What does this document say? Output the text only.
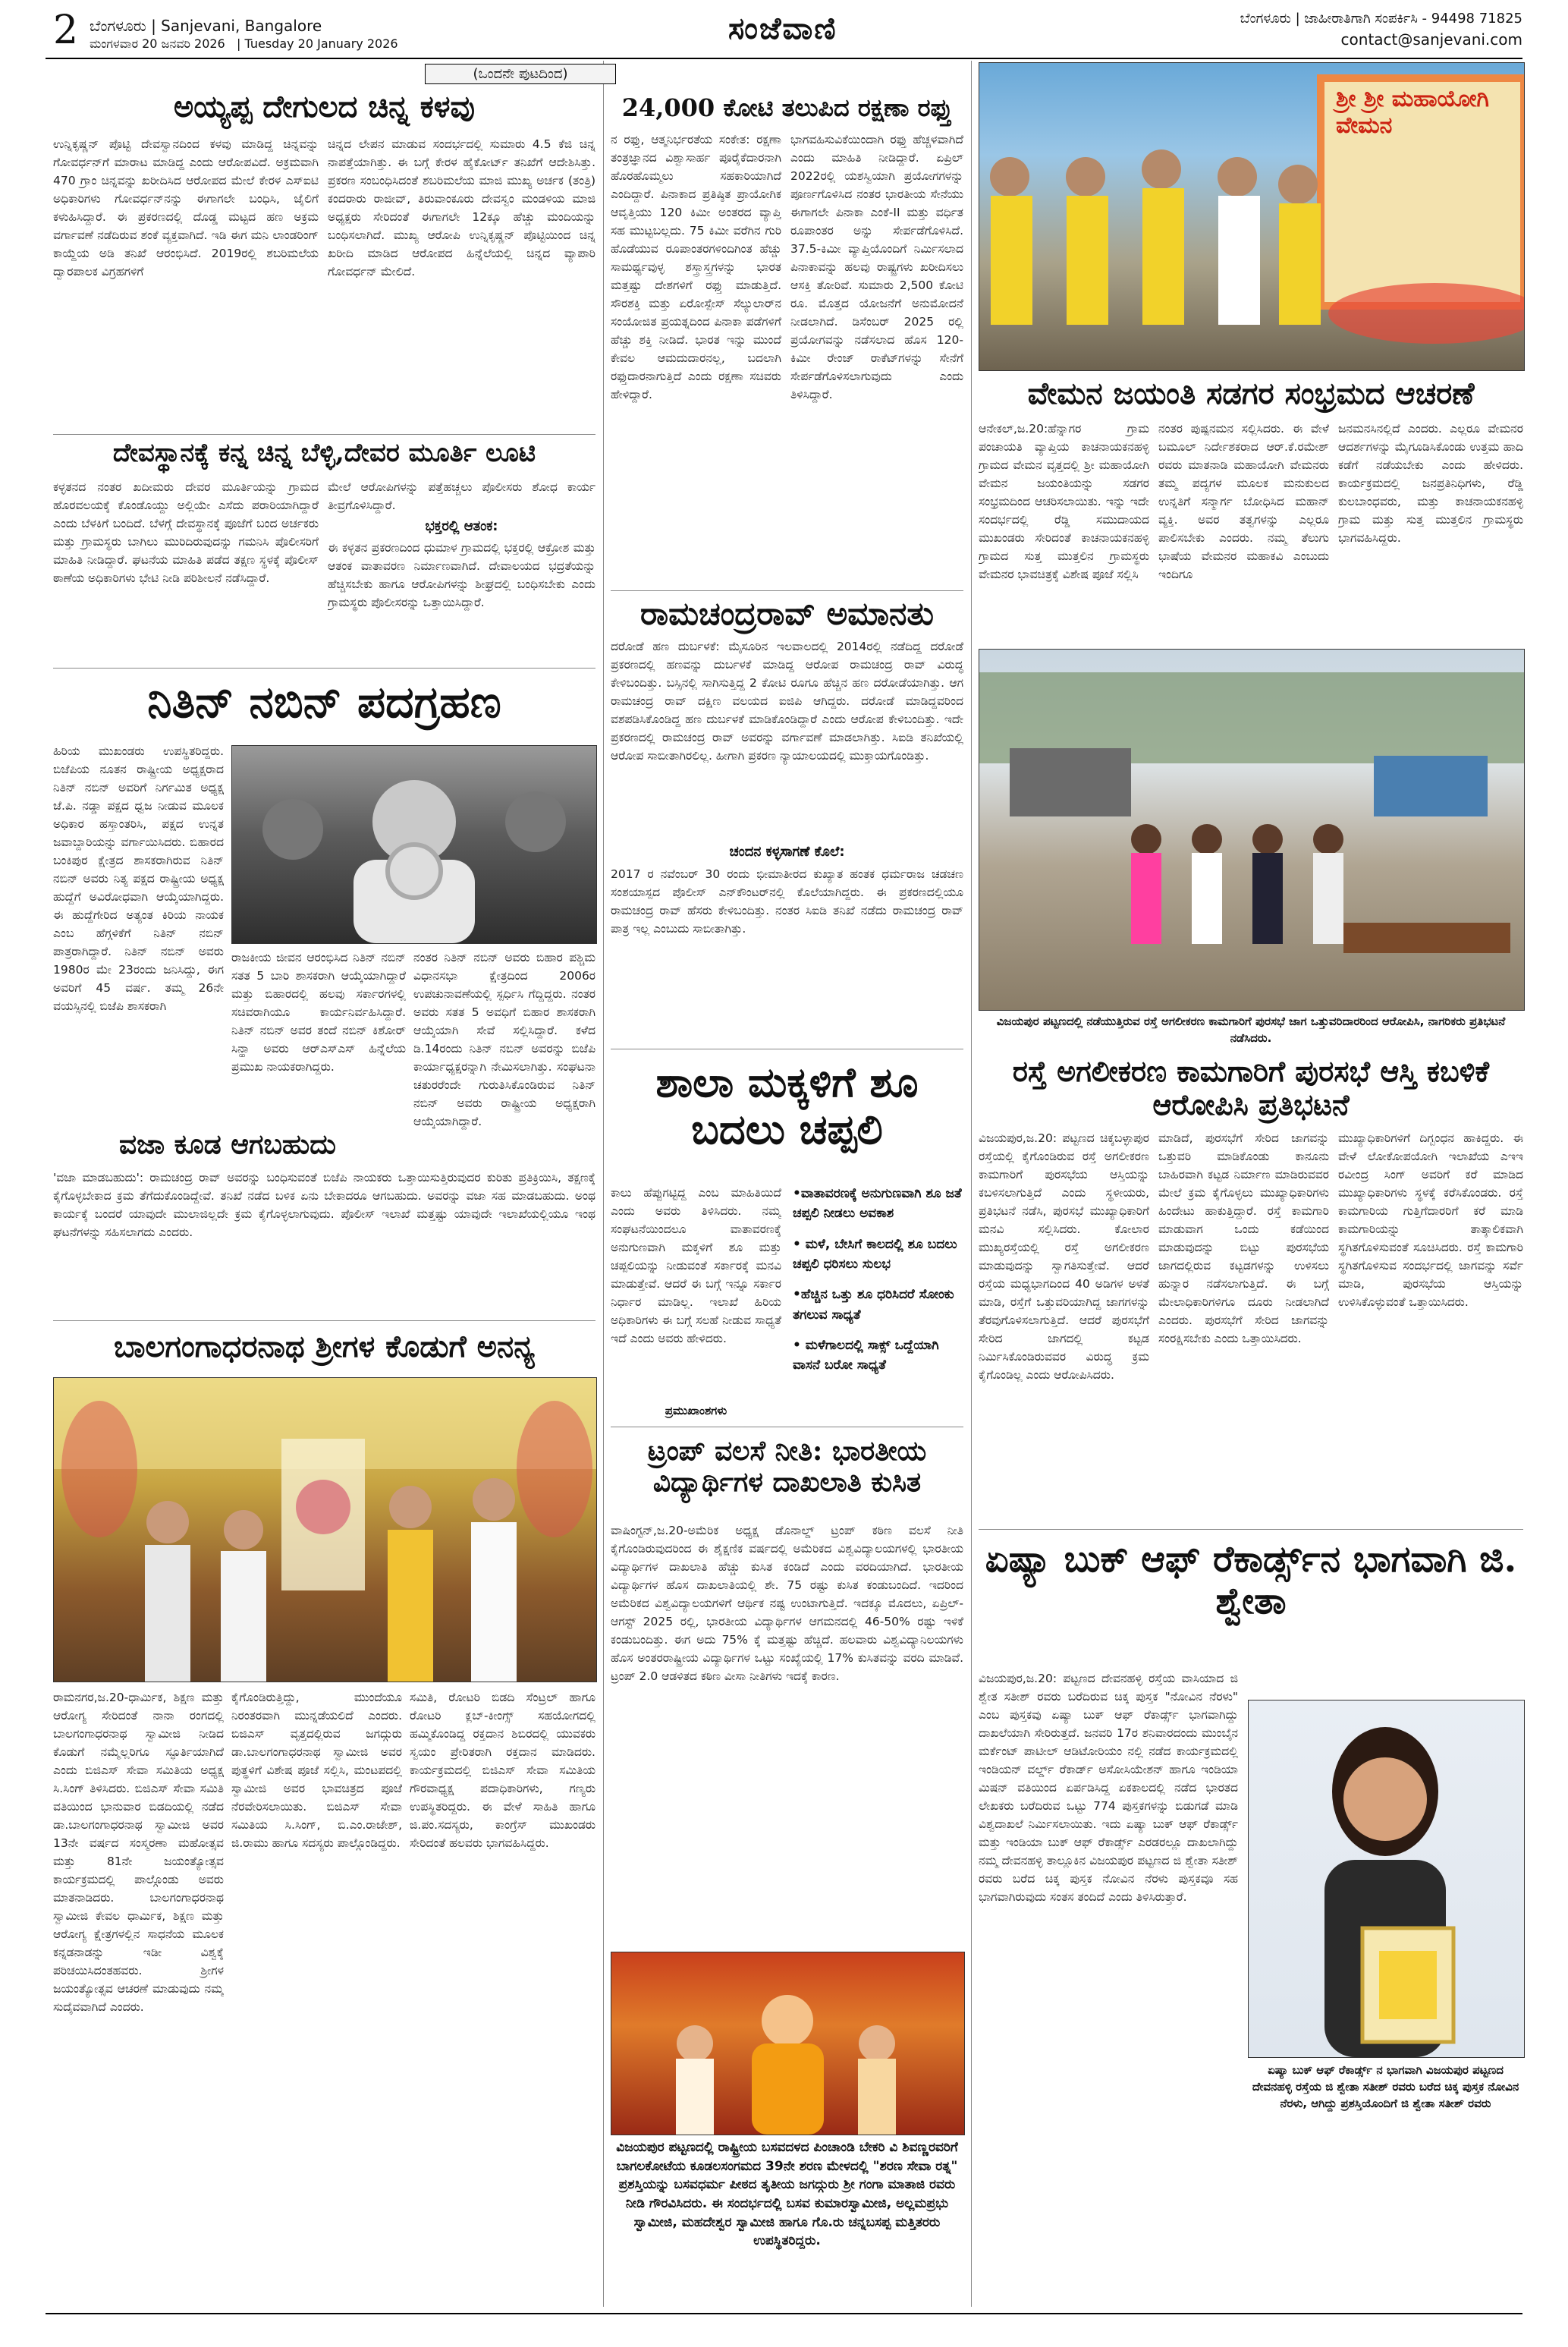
2 ಬೆಂಗಳೂರು | Sanjevani, Bangalore
ಮಂಗಳವಾರ 20 ಜನವರಿ 2026 | Tuesday 20 January 2026	ಸಂಜೆವಾಣಿ	ಬೆಂಗಳೂರು | ಜಾಹೀರಾತಿಗಾಗಿ ಸಂಪರ್ಕಿಸಿ - 94498 71825
contact@sanjevani.com
(ಒಂದನೇ ಪುಟದಿಂದ)
ಅಯ್ಯಪ್ಪ ದೇಗುಲದ ಚಿನ್ನ ಕಳವು
ಉನ್ನಿಕೃಷ್ಣನ್ ಪೊಟ್ಟಿ ದೇವಸ್ವಾನದಿಂದ ಕಳವು ಮಾಡಿದ್ದ ಚಿನ್ನವನ್ನು ಗೋವರ್ಧನ್‌ಗೆ ಮಾರಾಟ ಮಾಡಿದ್ದ ಎಂದು ಆರೋಪವಿದೆ. ಅಕ್ರಮವಾಗಿ 470 ಗ್ರಾಂ ಚಿನ್ನವನ್ನು ಖರೀದಿಸಿದ ಆರೋಪದ ಮೇಲೆ ಕೇರಳ ಎಸ್‌ಐಟಿ ಅಧಿಕಾರಿಗಳು ಗೋವರ್ಧನ್‌ನನ್ನು ಈಗಾಗಲೇ ಬಂಧಿಸಿ, ಜೈಲಿಗೆ ಕಳುಹಿಸಿದ್ದಾರೆ. ಈ ಪ್ರಕರಣದಲ್ಲಿ ದೊಡ್ಡ ಮಟ್ಟದ ಹಣ ಅಕ್ರಮ ವರ್ಗಾವಣೆ ನಡೆದಿರುವ ಶಂಕೆ ವ್ಯಕ್ತವಾಗಿದೆ. ಇಡಿ ಈಗ ಮನಿ ಲಾಂಡರಿಂಗ್ ಕಾಯ್ದೆಯ ಅಡಿ ತನಿಖೆ ಆರಂಭಿಸಿದೆ. 2019ರಲ್ಲಿ ಶಬರಿಮಲೆಯ ದ್ವಾರಪಾಲಕ ವಿಗ್ರಹಗಳಿಗೆ
ಚಿನ್ನದ ಲೇಪನ ಮಾಡುವ ಸಂದರ್ಭದಲ್ಲಿ ಸುಮಾರು 4.5 ಕೆಜಿ ಚಿನ್ನ ನಾಪತ್ತೆಯಾಗಿತ್ತು. ಈ ಬಗ್ಗೆ ಕೇರಳ ಹೈಕೋರ್ಟ್ ತನಿಖೆಗೆ ಆದೇಶಿಸಿತ್ತು. ಪ್ರಕರಣ ಸಂಬಂಧಿಸಿದಂತೆ ಶಬರಿಮಲೆಯ ಮಾಜಿ ಮುಖ್ಯ ಅರ್ಚಕ (ತಂತ್ರಿ) ಕಂದರಾರು ರಾಜೀವ್, ತಿರುವಾಂಕೂರು ದೇವಸ್ವಂ ಮಂಡಳಿಯ ಮಾಜಿ ಅಧ್ಯಕ್ಷರು ಸೇರಿದಂತೆ ಈಗಾಗಲೇ 12ಕ್ಕೂ ಹೆಚ್ಚು ಮಂದಿಯನ್ನು ಬಂಧಿಸಲಾಗಿದೆ. ಮುಖ್ಯ ಆರೋಪಿ ಉನ್ನಿಕೃಷ್ಣನ್ ಪೊಟ್ಟಿಯಿಂದ ಚಿನ್ನ ಖರೀದಿ ಮಾಡಿದ ಆರೋಪದ ಹಿನ್ನೆಲೆಯಲ್ಲಿ ಚಿನ್ನದ ವ್ಯಾಪಾರಿ ಗೋವರ್ಧನ್ ಮೇಲಿದೆ.
ದೇವಸ್ಥಾನಕ್ಕೆ ಕನ್ನ ಚಿನ್ನ ಬೆಳ್ಳಿ,ದೇವರ ಮೂರ್ತಿ ಲೂಟಿ
ಕಳ್ಳತನದ ನಂತರ ಖದೀಮರು ದೇವರ ಮೂರ್ತಿಯನ್ನು ಗ್ರಾಮದ ಹೊರವಲಯಕ್ಕೆ ಕೊಂಡೊಯ್ದು ಅಲ್ಲಿಯೇ ಎಸೆದು ಪರಾರಿಯಾಗಿದ್ದಾರೆ ಎಂದು ಬೆಳಕಿಗೆ ಬಂದಿದೆ. ಬೆಳಗ್ಗೆ ದೇವಸ್ಥಾನಕ್ಕೆ ಪೂಜೆಗೆ ಬಂದ ಅರ್ಚಕರು ಮತ್ತು ಗ್ರಾಮಸ್ಥರು ಬಾಗಿಲು ಮುರಿದಿರುವುದನ್ನು ಗಮನಿಸಿ ಪೊಲೀಸರಿಗೆ ಮಾಹಿತಿ ನೀಡಿದ್ದಾರೆ. ಘಟನೆಯ ಮಾಹಿತಿ ಪಡೆದ ತಕ್ಷಣ ಸ್ಥಳಕ್ಕೆ ಪೊಲೀಸ್ ಠಾಣೆಯ ಅಧಿಕಾರಿಗಳು ಭೇಟಿ ನೀಡಿ ಪರಿಶೀಲನೆ ನಡೆಸಿದ್ದಾರೆ.
ಮೇಲೆ ಆರೋಪಿಗಳನ್ನು ಪತ್ತೆಹಚ್ಚಲು ಪೊಲೀಸರು ಶೋಧ ಕಾರ್ಯ ತೀವ್ರಗೊಳಿಸಿದ್ದಾರೆ.
ಭಕ್ತರಲ್ಲಿ ಆತಂಕ:
ಈ ಕಳ್ಳತನ ಪ್ರಕರಣದಿಂದ ಧುಮಾಳ ಗ್ರಾಮದಲ್ಲಿ ಭಕ್ತರಲ್ಲಿ ಆಕ್ರೋಶ ಮತ್ತು ಆತಂಕ ವಾತಾವರಣ ನಿರ್ಮಾಣವಾಗಿದೆ. ದೇವಾಲಯದ ಭದ್ರತೆಯನ್ನು ಹೆಚ್ಚಿಸಬೇಕು ಹಾಗೂ ಆರೋಪಿಗಳನ್ನು ಶೀಘ್ರದಲ್ಲಿ ಬಂಧಿಸಬೇಕು ಎಂದು ಗ್ರಾಮಸ್ಥರು ಪೊಲೀಸರನ್ನು ಒತ್ತಾಯಿಸಿದ್ದಾರೆ.
ನಿತಿನ್ ನಬಿನ್ ಪದಗ್ರಹಣ
ಹಿರಿಯ ಮುಖಂಡರು ಉಪಸ್ಥಿತರಿದ್ದರು. ಬಿಜೆಪಿಯ ನೂತನ ರಾಷ್ಟ್ರೀಯ ಅಧ್ಯಕ್ಷರಾದ ನಿತಿನ್ ನಬಿನ್ ಅವರಿಗೆ ನಿರ್ಗಮಿತ ಅಧ್ಯಕ್ಷ ಜೆ.ಪಿ. ನಡ್ಡಾ ಪಕ್ಷದ ಧ್ವಜ ನೀಡುವ ಮೂಲಕ ಅಧಿಕಾರ ಹಸ್ತಾಂತರಿಸಿ, ಪಕ್ಷದ ಉನ್ನತ ಜವಾಬ್ದಾರಿಯನ್ನು ವರ್ಗಾಯಿಸಿದರು. ಬಿಹಾರದ ಬಂಕಿಪುರ ಕ್ಷೇತ್ರದ ಶಾಸಕರಾಗಿರುವ ನಿತಿನ್ ನಬಿನ್ ಅವರು ನಿತ್ಯ ಪಕ್ಷದ ರಾಷ್ಟ್ರೀಯ ಅಧ್ಯಕ್ಷ ಹುದ್ದೆಗೆ ಅವಿರೋಧವಾಗಿ ಆಯ್ಕೆಯಾಗಿದ್ದರು. ಈ ಹುದ್ದೆಗೇರಿದ ಅತ್ಯಂತ ಕಿರಿಯ ನಾಯಕ ಎಂಬ ಹೆಗ್ಗಳಿಕೆಗೆ ನಿತಿನ್ ನಬಿನ್ ಪಾತ್ರರಾಗಿದ್ದಾರೆ. ನಿತಿನ್ ನಬಿನ್ ಅವರು 1980ರ ಮೇ 23ರಂದು ಜನಿಸಿದ್ದು, ಈಗ ಅವರಿಗೆ 45 ವರ್ಷ. ತಮ್ಮ 26ನೇ ವಯಸ್ಸಿನಲ್ಲಿ ಬಿಜೆಪಿ ಶಾಸಕರಾಗಿ
ರಾಜಕೀಯ ಜೀವನ ಆರಂಭಿಸಿದ ನಿತಿನ್ ನಬಿನ್ ಸತತ 5 ಬಾರಿ ಶಾಸಕರಾಗಿ ಆಯ್ಕೆಯಾಗಿದ್ದಾರೆ ಮತ್ತು ಬಿಹಾರದಲ್ಲಿ ಹಲವು ಸರ್ಕಾರಗಳಲ್ಲಿ ಸಚಿವರಾಗಿಯೂ ಕಾರ್ಯನಿರ್ವಹಿಸಿದ್ದಾರೆ. ನಿತಿನ್ ನಬಿನ್ ಅವರ ತಂದೆ ನಬಿನ್ ಕಿಶೋರ್ ಸಿನ್ಹಾ ಅವರು ಆರ್‌ಎಸ್‌ಎಸ್ ಹಿನ್ನೆಲೆಯ ಪ್ರಮುಖ ನಾಯಕರಾಗಿದ್ದರು.
ನಂತರ ನಿತಿನ್ ನಬಿನ್ ಅವರು ಬಿಹಾರ ಪಶ್ಚಿಮ ವಿಧಾನಸಭಾ ಕ್ಷೇತ್ರದಿಂದ 2006ರ ಉಪಚುನಾವಣೆಯಲ್ಲಿ ಸ್ಪರ್ಧಿಸಿ ಗೆದ್ದಿದ್ದರು. ನಂತರ ಅವರು ಸತತ 5 ಅವಧಿಗೆ ಬಿಹಾರ ಶಾಸಕರಾಗಿ ಆಯ್ಕೆಯಾಗಿ ಸೇವೆ ಸಲ್ಲಿಸಿದ್ದಾರೆ. ಕಳೆದ ಡಿ.14ರಂದು ನಿತಿನ್ ನಬಿನ್ ಅವರನ್ನು ಬಿಜೆಪಿ ಕಾರ್ಯಾಧ್ಯಕ್ಷರನ್ನಾಗಿ ನೇಮಿಸಲಾಗಿತ್ತು. ಸಂಘಟನಾ ಚತುರರೆಂದೇ ಗುರುತಿಸಿಕೊಂಡಿರುವ ನಿತಿನ್ ನಬಿನ್ ಅವರು ರಾಷ್ಟ್ರೀಯ ಅಧ್ಯಕ್ಷರಾಗಿ ಆಯ್ಕೆಯಾಗಿದ್ದಾರೆ.
ವಜಾ ಕೂಡ ಆಗಬಹುದು
'ವಜಾ ಮಾಡಬಹುದು': ರಾಮಚಂದ್ರ ರಾವ್ ಅವರನ್ನು ಬಂಧಿಸುವಂತೆ ಬಿಜೆಪಿ ನಾಯಕರು ಒತ್ತಾಯಿಸುತ್ತಿರುವುದರ ಕುರಿತು ಪ್ರತಿಕ್ರಿಯಿಸಿ, ತಕ್ಷಣಕ್ಕೆ ಕೈಗೊಳ್ಳಬೇಕಾದ ಕ್ರಮ ತೆಗೆದುಕೊಂಡಿದ್ದೇವೆ. ತನಿಖೆ ನಡೆದ ಬಳಿಕ ಏನು ಬೇಕಾದರೂ ಆಗಬಹುದು. ಅವರನ್ನು ವಜಾ ಸಹ ಮಾಡಬಹುದು. ಅಂಥ ಕಾರ್ಯಕ್ಕೆ ಬಂದರೆ ಯಾವುದೇ ಮುಲಾಜಿಲ್ಲದೇ ಕ್ರಮ ಕೈಗೊಳ್ಳಲಾಗುವುದು. ಪೊಲೀಸ್ ಇಲಾಖೆ ಮತ್ತಷ್ಟು ಯಾವುದೇ ಇಲಾಖೆಯಲ್ಲಿಯೂ ಇಂಥ ಘಟನೆಗಳನ್ನು ಸಹಿಸಲಾಗದು ಎಂದರು.
ಬಾಲಗಂಗಾಧರನಾಥ ಶ್ರೀಗಳ ಕೊಡುಗೆ ಅನನ್ಯ
ರಾಮನಗರ,ಜ.20-ಧಾರ್ಮಿಕ, ಶಿಕ್ಷಣ ಮತ್ತು ಆರೋಗ್ಯ ಸೇರಿದಂತೆ ನಾನಾ ರಂಗದಲ್ಲಿ ಬಾಲಗಂಗಾಧರನಾಥ ಸ್ವಾಮೀಜಿ ನೀಡಿದ ಕೊಡುಗೆ ನಮ್ಮೆಲ್ಲರಿಗೂ ಸ್ಫೂರ್ತಿಯಾಗಿದೆ ಎಂದು ಬಿಜಿಎಸ್ ಸೇವಾ ಸಮಿತಿಯ ಅಧ್ಯಕ್ಷ ಸಿ.ಸಿಂಗ್ ತಿಳಿಸಿದರು. ಬಿಜಿಎಸ್ ಸೇವಾ ಸಮಿತಿ ವತಿಯಿಂದ ಭಾನುವಾರ ಬಿಡದಿಯಲ್ಲಿ ನಡೆದ ಡಾ.ಬಾಲಗಂಗಾಧರನಾಥ ಸ್ವಾಮೀಜಿ ಅವರ 13ನೇ ವರ್ಷದ ಸಂಸ್ಮರಣಾ ಮಹೋತ್ಸವ ಮತ್ತು 81ನೇ ಜಯಂತ್ಯೋತ್ಸವ ಕಾರ್ಯಕ್ರಮದಲ್ಲಿ ಪಾಲ್ಗೊಂಡು ಅವರು ಮಾತನಾಡಿದರು. ಬಾಲಗಂಗಾಧರನಾಥ ಸ್ವಾಮೀಜಿ ಕೇವಲ ಧಾರ್ಮಿಕ, ಶಿಕ್ಷಣ ಮತ್ತು ಆರೋಗ್ಯ ಕ್ಷೇತ್ರಗಳಲ್ಲಿನ ಸಾಧನೆಯ ಮೂಲಕ ಕನ್ನಡನಾಡನ್ನು ಇಡೀ ವಿಶ್ವಕ್ಕೆ ಪರಿಚಯಿಸಿದಂತಹವರು. ಶ್ರೀಗಳ ಜಯಂತ್ಯೋತ್ಸವ ಆಚರಣೆ ಮಾಡುವುದು ನಮ್ಮ ಸುದೈವವಾಗಿದೆ ಎಂದರು.
ಕೈಗೊಂಡಿರುತ್ತಿದ್ದು, ಮುಂದೆಯೂ ನಿರಂತರವಾಗಿ ಮುನ್ನಡೆಯಲಿದೆ ಎಂದರು. ಬಿಜಿಎಸ್ ವೃತ್ತದಲ್ಲಿರುವ ಜಗದ್ಗುರು ಡಾ.ಬಾಲಗಂಗಾಧರನಾಥ ಸ್ವಾಮೀಜಿ ಅವರ ಪುತ್ಥಳಿಗೆ ವಿಶೇಷ ಪೂಜೆ ಸಲ್ಲಿಸಿ, ಮಂಟಪದಲ್ಲಿ ಸ್ವಾಮೀಜಿ ಅವರ ಭಾವಚಿತ್ರದ ಪೂಜೆ ನೆರವೇರಿಸಲಾಯಿತು. ಬಿಜಿಎಸ್ ಸೇವಾ ಸಮಿತಿಯ ಸಿ.ಸಿಂಗ್, ಬಿ.ಎಂ.ರಾಜೇಶ್, ಜಿ.ರಾಮು ಹಾಗೂ ಸದಸ್ಯರು ಪಾಲ್ಗೊಂಡಿದ್ದರು.
ಸಮಿತಿ, ರೋಟರಿ ಬಿಡದಿ ಸೆಂಟ್ರಲ್ ಹಾಗೂ ರೋಟರಿ ಕ್ಲಬ್-ಕೀಂಗ್ಸ್ ಸಹಯೋಗದಲ್ಲಿ ಹಮ್ಮಿಕೊಂಡಿದ್ದ ರಕ್ತದಾನ ಶಿಬಿರದಲ್ಲಿ ಯುವಕರು ಸ್ವಯಂ ಪ್ರೇರಿತರಾಗಿ ರಕ್ತದಾನ ಮಾಡಿದರು. ಕಾರ್ಯಕ್ರಮದಲ್ಲಿ ಬಿಜಿಎಸ್ ಸೇವಾ ಸಮಿತಿಯ ಗೌರವಾಧ್ಯಕ್ಷ ಪದಾಧಿಕಾರಿಗಳು, ಗಣ್ಯರು ಉಪಸ್ಥಿತರಿದ್ದರು. ಈ ವೇಳೆ ಸಾಹಿತಿ ಹಾಗೂ ಜಿ.ಪಂ.ಸದಸ್ಯರು, ಕಾಂಗ್ರೆಸ್ ಮುಖಂಡರು ಸೇರಿದಂತೆ ಹಲವರು ಭಾಗವಹಿಸಿದ್ದರು.
24,000 ಕೋಟಿ ತಲುಪಿದ ರಕ್ಷಣಾ ರಫ್ತು
ನ ರಫ್ತು, ಆತ್ಮನಿರ್ಭರತೆಯ ಸಂಕೇತ: ರಕ್ಷಣಾ ತಂತ್ರಜ್ಞಾನದ ವಿಶ್ವಾಸಾರ್ಹ ಪೂರೈಕೆದಾರನಾಗಿ ಹೊರಹೊಮ್ಮಲು ಸಹಕಾರಿಯಾಗಿದೆ ಎಂದಿದ್ದಾರೆ. ಪಿನಾಕಾದ ಪ್ರತಿಷ್ಠಿತ ಪ್ರಾಯೋಗಿಕ ಆವೃತ್ತಿಯು 120 ಕಿಮೀ ಅಂತರದ ವ್ಯಾಪ್ತಿ ಸಹ ಮುಟ್ಟಬಲ್ಲದು. 75 ಕಿಮೀ ವರೆಗಿನ ಗುರಿ ಹೊಡೆಯುವ ರೂಪಾಂತರಗಳಿಂದಿಗಿಂತ ಹೆಚ್ಚು ಸಾಮರ್ಥ್ಯವುಳ್ಳ ಶಸ್ತ್ರಾಸ್ತ್ರಗಳನ್ನು ಭಾರತ ಮತ್ತಷ್ಟು ದೇಶಗಳಿಗೆ ರಫ್ತು ಮಾಡುತ್ತಿದೆ. ಸೌರಶಕ್ತಿ ಮತ್ತು ಏರೋಸ್ಪೇಸ್ ಸೆಲ್ಯುಲಾರ್‌ನ ಸಂಯೋಜಿತ ಪ್ರಯತ್ನದಿಂದ ಪಿನಾಕಾ ಪಡೆಗಳಿಗೆ ಹೆಚ್ಚು ಶಕ್ತಿ ನೀಡಿದೆ. ಭಾರತ ಇನ್ನು ಮುಂದೆ ಕೇವಲ ಆಮದುದಾರನಲ್ಲ, ಬದಲಾಗಿ ರಫ್ತುದಾರನಾಗುತ್ತಿದೆ ಎಂದು ರಕ್ಷಣಾ ಸಚಿವರು ಹೇಳಿದ್ದಾರೆ.
ಭಾಗವಹಿಸುವಿಕೆಯಿಂದಾಗಿ ರಫ್ತು ಹೆಚ್ಚಳವಾಗಿದೆ ಎಂದು ಮಾಹಿತಿ ನೀಡಿದ್ದಾರೆ. ಏಪ್ರಿಲ್ 2022ರಲ್ಲಿ ಯಶಸ್ವಿಯಾಗಿ ಪ್ರಯೋಗಗಳನ್ನು ಪೂರ್ಣಗೊಳಿಸಿದ ನಂತರ ಭಾರತೀಯ ಸೇನೆಯು ಈಗಾಗಲೇ ಪಿನಾಕಾ ಎಂಕೆ-II ಮತ್ತು ವರ್ಧಿತ ರೂಪಾಂತರ ಅನ್ನು ಸೇರ್ಪಡೆಗೊಳಿಸಿದೆ. 37.5-ಕಿಮೀ ವ್ಯಾಪ್ತಿಯೊಂದಿಗೆ ನಿರ್ಮಿಸಲಾದ ಪಿನಾಕಾವನ್ನು ಹಲವು ರಾಷ್ಟ್ರಗಳು ಖರೀದಿಸಲು ಆಸಕ್ತಿ ತೋರಿವೆ. ಸುಮಾರು 2,500 ಕೋಟಿ ರೂ. ಮೊತ್ತದ ಯೋಜನೆಗೆ ಅನುಮೋದನೆ ನೀಡಲಾಗಿದೆ. ಡಿಸೆಂಬರ್ 2025 ರಲ್ಲಿ ಪ್ರಯೋಗವನ್ನು ನಡೆಸಲಾದ ಹೊಸ 120-ಕಿಮೀ ರೇಂಜ್ ರಾಕೆಟ್‌ಗಳನ್ನು ಸೇನೆಗೆ ಸೇರ್ಪಡೆಗೊಳಿಸಲಾಗುವುದು ಎಂದು ತಿಳಿಸಿದ್ದಾರೆ.
ರಾಮಚಂದ್ರರಾವ್ ಅಮಾನತು
ದರೋಡೆ ಹಣ ದುರ್ಬಳಕೆ: ಮೈಸೂರಿನ ಇಲವಾಲದಲ್ಲಿ 2014ರಲ್ಲಿ ನಡೆದಿದ್ದ ದರೋಡೆ ಪ್ರಕರಣದಲ್ಲಿ ಹಣವನ್ನು ದುರ್ಬಳಕೆ ಮಾಡಿದ್ದ ಆರೋಪ ರಾಮಚಂದ್ರ ರಾವ್ ವಿರುದ್ಧ ಕೇಳಿಬಂದಿತ್ತು. ಬಸ್ಸಿನಲ್ಲಿ ಸಾಗಿಸುತ್ತಿದ್ದ 2 ಕೋಟಿ ರೂಗೂ ಹೆಚ್ಚಿನ ಹಣ ದರೋಡೆಯಾಗಿತ್ತು. ಆಗ ರಾಮಚಂದ್ರ ರಾವ್ ದಕ್ಷಿಣ ವಲಯದ ಐಜಿಪಿ ಆಗಿದ್ದರು. ದರೋಡೆ ಮಾಡಿದ್ದವರಿಂದ ವಶಪಡಿಸಿಕೊಂಡಿದ್ದ ಹಣ ದುರ್ಬಳಕೆ ಮಾಡಿಕೊಂಡಿದ್ದಾರೆ ಎಂದು ಆರೋಪ ಕೇಳಿಬಂದಿತ್ತು. ಇದೇ ಪ್ರಕರಣದಲ್ಲಿ ರಾಮಚಂದ್ರ ರಾವ್ ಅವರನ್ನು ವರ್ಗಾವಣೆ ಮಾಡಲಾಗಿತ್ತು. ಸಿಐಡಿ ತನಿಖೆಯಲ್ಲಿ ಆರೋಪ ಸಾಬೀತಾಗಿರಲಿಲ್ಲ. ಹೀಗಾಗಿ ಪ್ರಕರಣ ನ್ಯಾಯಾಲಯದಲ್ಲಿ ಮುಕ್ತಾಯಗೊಂಡಿತ್ತು.
ಚಂದನ ಕಳ್ಳಸಾಗಣೆ ಕೊಲೆ:
2017 ರ ನವೆಂಬರ್ 30 ರಂದು ಭೀಮಾತೀರದ ಕುಖ್ಯಾತ ಹಂತಕ ಧರ್ಮರಾಜ ಚಡಚಣ ಸಂಶಯಾಸ್ಪದ ಪೊಲೀಸ್ ಎನ್‌ಕೌಂಟರ್‌ನಲ್ಲಿ ಕೊಲೆಯಾಗಿದ್ದರು. ಈ ಪ್ರಕರಣದಲ್ಲಿಯೂ ರಾಮಚಂದ್ರ ರಾವ್ ಹೆಸರು ಕೇಳಿಬಂದಿತ್ತು. ನಂತರ ಸಿಐಡಿ ತನಿಖೆ ನಡೆದು ರಾಮಚಂದ್ರ ರಾವ್ ಪಾತ್ರ ಇಲ್ಲ ಎಂಬುದು ಸಾಬೀತಾಗಿತ್ತು.
ಶಾಲಾ ಮಕ್ಕಳಿಗೆ ಶೂ ಬದಲು ಚಪ್ಪಲಿ
ಕಾಲು ಹೆಪ್ಪುಗಟ್ಟಿದ್ದ ಎಂಬ ಮಾಹಿತಿಯಿದೆ ಎಂದು ಅವರು ತಿಳಿಸಿದರು. ನಮ್ಮ ಸಂಘಟನೆಯಿಂದಲೂ ವಾತಾವರಣಕ್ಕೆ ಅನುಗುಣವಾಗಿ ಮಕ್ಕಳಿಗೆ ಶೂ ಮತ್ತು ಚಪ್ಪಲಿಯನ್ನು ನೀಡುವಂತೆ ಸರ್ಕಾರಕ್ಕೆ ಮನವಿ ಮಾಡುತ್ತೇವೆ. ಆದರೆ ಈ ಬಗ್ಗೆ ಇನ್ನೂ ಸರ್ಕಾರ ನಿರ್ಧಾರ ಮಾಡಿಲ್ಲ. ಇಲಾಖೆ ಹಿರಿಯ ಅಧಿಕಾರಿಗಳು ಈ ಬಗ್ಗೆ ಸಲಹೆ ನೀಡುವ ಸಾಧ್ಯತೆ ಇದೆ ಎಂದು ಅವರು ಹೇಳಿದರು.
ಪ್ರಮುಖಾಂಶಗಳು
•ವಾತಾವರಣಕ್ಕೆ ಅನುಗುಣವಾಗಿ ಶೂ ಜತೆ ಚಪ್ಪಲಿ ನೀಡಲು ಅವಕಾಶ
• ಮಳೆ, ಬೇಸಿಗೆ ಕಾಲದಲ್ಲಿ ಶೂ ಬದಲು ಚಪ್ಪಲಿ ಧರಿಸಲು ಸುಲಭ
•ಹೆಚ್ಚಿನ ಒತ್ತು ಶೂ ಧರಿಸಿದರೆ ಸೋಂಕು ತಗಲುವ ಸಾಧ್ಯತೆ
• ಮಳೆಗಾಲದಲ್ಲಿ ಸಾಕ್ಸ್ ಒದ್ದೆಯಾಗಿ ವಾಸನೆ ಬರೋ ಸಾಧ್ಯತೆ
ಟ್ರಂಪ್ ವಲಸೆ ನೀತಿ: ಭಾರತೀಯ ವಿದ್ಯಾರ್ಥಿಗಳ ದಾಖಲಾತಿ ಕುಸಿತ
ವಾಷಿಂಗ್ಟನ್,ಜ.20-ಅಮೆರಿಕ ಅಧ್ಯಕ್ಷ ಡೊನಾಲ್ಡ್ ಟ್ರಂಪ್ ಕಠಿಣ ವಲಸೆ ನೀತಿ ಕೈಗೊಂಡಿರುವುದರಿಂದ ಈ ಶೈಕ್ಷಣಿಕ ವರ್ಷದಲ್ಲಿ ಅಮೆರಿಕದ ವಿಶ್ವವಿದ್ಯಾಲಯಗಳಲ್ಲಿ ಭಾರತೀಯ ವಿದ್ಯಾರ್ಥಿಗಳ ದಾಖಲಾತಿ ಹೆಚ್ಚು ಕುಸಿತ ಕಂಡಿದೆ ಎಂದು ವರದಿಯಾಗಿದೆ. ಭಾರತೀಯ ವಿದ್ಯಾರ್ಥಿಗಳ ಹೊಸ ದಾಖಲಾತಿಯಲ್ಲಿ ಶೇ. 75 ರಷ್ಟು ಕುಸಿತ ಕಂಡುಬಂದಿದೆ. ಇದರಿಂದ ಅಮೆರಿಕದ ವಿಶ್ವವಿದ್ಯಾಲಯಗಳಿಗೆ ಆರ್ಥಿಕ ನಷ್ಟ ಉಂಟಾಗುತ್ತಿದೆ. ಇದಕ್ಕೂ ಮೊದಲು, ಏಪ್ರಿಲ್-ಆಗಸ್ಟ್ 2025 ರಲ್ಲಿ, ಭಾರತೀಯ ವಿದ್ಯಾರ್ಥಿಗಳ ಆಗಮನದಲ್ಲಿ 46-50% ರಷ್ಟು ಇಳಿಕೆ ಕಂಡುಬಂದಿತ್ತು. ಈಗ ಅದು 75% ಕ್ಕೆ ಮತ್ತಷ್ಟು ಹೆಚ್ಚಿದೆ. ಹಲವಾರು ವಿಶ್ವವಿದ್ಯಾನಿಲಯಗಳು ಹೊಸ ಅಂತರರಾಷ್ಟ್ರೀಯ ವಿದ್ಯಾರ್ಥಿಗಳ ಒಟ್ಟು ಸಂಖ್ಯೆಯಲ್ಲಿ 17% ಕುಸಿತವನ್ನು ವರದಿ ಮಾಡಿವೆ. ಟ್ರಂಪ್ 2.0 ಆಡಳಿತದ ಕಠಿಣ ವೀಸಾ ನೀತಿಗಳು ಇದಕ್ಕೆ ಕಾರಣ.
ವಿಜಯಪುರ ಪಟ್ಟಣದಲ್ಲಿ ರಾಷ್ಟ್ರೀಯ ಬಸವದಳದ ಪಿಂಚಾಂಡಿ ಬೇಕರಿ ವಿ ಶಿವಣ್ಣರವರಿಗೆ ಬಾಗಲಕೋಟೆಯ ಕೂಡಲಸಂಗಮದ 39ನೇ ಶರಣ ಮೇಳದಲ್ಲಿ "ಶರಣ ಸೇವಾ ರತ್ನ" ಪ್ರಶಸ್ತಿಯನ್ನು ಬಸವಧರ್ಮ ಪೀಠದ ತೃತೀಯ ಜಗದ್ಗುರು ಶ್ರೀ ಗಂಗಾ ಮಾತಾಜಿ ರವರು ನೀಡಿ ಗೌರವಿಸಿದರು. ಈ ಸಂದರ್ಭದಲ್ಲಿ ಬಸವ ಕುಮಾರಸ್ವಾಮೀಜಿ, ಅಲ್ಲಮಪ್ರಭು ಸ್ವಾಮೀಜಿ, ಮಹದೇಶ್ವರ ಸ್ವಾಮೀಜಿ ಹಾಗೂ ಗೊ.ರು ಚನ್ನಬಸಪ್ಪ ಮತ್ತಿತರರು ಉಪಸ್ಥಿತರಿದ್ದರು.
ಶ್ರೀ ಶ್ರೀ ಮಹಾಯೋಗಿ ವೇಮನ
ವೇಮನ ಜಯಂತಿ ಸಡಗರ ಸಂಭ್ರಮದ ಆಚರಣೆ
ಆನೇಕಲ್,ಜ.20:ಹೆನ್ನಾಗರ ಗ್ರಾಮ ಪಂಚಾಯತಿ ವ್ಯಾಪ್ತಿಯ ಕಾಚನಾಯಕನಹಳ್ಳಿ ಗ್ರಾಮದ ವೇಮನ ವೃತ್ತದಲ್ಲಿ ಶ್ರೀ ಮಹಾಯೋಗಿ ವೇಮನ ಜಯಂತಿಯನ್ನು ಸಡಗರ ಸಂಭ್ರಮದಿಂದ ಆಚರಿಸಲಾಯಿತು. ಇನ್ನು ಇದೇ ಸಂದರ್ಭದಲ್ಲಿ ರೆಡ್ಡಿ ಸಮುದಾಯದ ಮುಖಂಡರು ಸೇರಿದಂತೆ ಕಾಚನಾಯಕನಹಳ್ಳಿ ಗ್ರಾಮದ ಸುತ್ತ ಮುತ್ತಲಿನ ಗ್ರಾಮಸ್ಥರು ವೇಮನರ ಭಾವಚಿತ್ರಕ್ಕೆ ವಿಶೇಷ ಪೂಜೆ ಸಲ್ಲಿಸಿ
ನಂತರ ಪುಷ್ಪನಮನ ಸಲ್ಲಿಸಿದರು. ಈ ವೇಳೆ ಬಮೂಲ್ ನಿರ್ದೇಶಕರಾದ ಆರ್.ಕೆ.ರಮೇಶ್ ರವರು ಮಾತನಾಡಿ ಮಹಾಯೋಗಿ ವೇಮನರು ತಮ್ಮ ಪದ್ಯಗಳ ಮೂಲಕ ಮನುಕುಲದ ಉನ್ನತಿಗೆ ಸನ್ಮಾರ್ಗ ಬೋಧಿಸಿದ ಮಹಾನ್ ವ್ಯಕ್ತಿ. ಅವರ ತತ್ವಗಳನ್ನು ಎಲ್ಲರೂ ಪಾಲಿಸಬೇಕು ಎಂದರು. ನಮ್ಮ ತೆಲುಗು ಭಾಷೆಯ ವೇಮನರ ಮಹಾಕವಿ ಎಂಬುದು ಇಂದಿಗೂ
ಜನಮನಸಿನಲ್ಲಿದೆ ಎಂದರು. ಎಲ್ಲರೂ ವೇಮನರ ಆದರ್ಶಗಳನ್ನು ಮೈಗೂಡಿಸಿಕೊಂಡು ಉತ್ತಮ ಹಾದಿ ಕಡೆಗೆ ನಡೆಯಬೇಕು ಎಂದು ಹೇಳಿದರು. ಕಾರ್ಯಕ್ರಮದಲ್ಲಿ ಜನಪ್ರತಿನಿಧಿಗಳು, ರೆಡ್ಡಿ ಕುಲಬಾಂಧವರು, ಮತ್ತು ಕಾಚನಾಯಕನಹಳ್ಳಿ ಗ್ರಾಮ ಮತ್ತು ಸುತ್ತ ಮುತ್ತಲಿನ ಗ್ರಾಮಸ್ಥರು ಭಾಗವಹಿಸಿದ್ದರು.
ವಿಜಯಪುರ ಪಟ್ಟಣದಲ್ಲಿ ನಡೆಯುತ್ತಿರುವ ರಸ್ತೆ ಅಗಲೀಕರಣ ಕಾಮಗಾರಿಗೆ ಪುರಸಭೆ ಜಾಗ ಒತ್ತುವರಿದಾರರಿಂದ ಆರೋಪಿಸಿ, ನಾಗರಿಕರು ಪ್ರತಿಭಟನೆ ನಡೆಸಿದರು.
ರಸ್ತೆ ಅಗಲೀಕರಣ ಕಾಮಗಾರಿಗೆ ಪುರಸಭೆ ಆಸ್ತಿ ಕಬಳಿಕೆ ಆರೋಪಿಸಿ ಪ್ರತಿಭಟನೆ
ವಿಜಯಪುರ,ಜ.20: ಪಟ್ಟಣದ ಚಿಕ್ಕಬಳ್ಳಾಪುರ ರಸ್ತೆಯಲ್ಲಿ ಕೈಗೊಂಡಿರುವ ರಸ್ತೆ ಅಗಲೀಕರಣ ಕಾಮಗಾರಿಗೆ ಪುರಸಭೆಯ ಆಸ್ತಿಯನ್ನು ಕಬಳಿಸಲಾಗುತ್ತಿದೆ ಎಂದು ಸ್ಥಳೀಯರು, ಪ್ರತಿಭಟನೆ ನಡೆಸಿ, ಪುರಸಭೆ ಮುಖ್ಯಾಧಿಕಾರಿಗೆ ಮನವಿ ಸಲ್ಲಿಸಿದರು. ಕೋಲಾರ ಮುಖ್ಯರಸ್ತೆಯಲ್ಲಿ ರಸ್ತೆ ಅಗಲೀಕರಣ ಮಾಡುವುದನ್ನು ಸ್ವಾಗತಿಸುತ್ತೇವೆ. ಆದರೆ ರಸ್ತೆಯ ಮಧ್ಯಭಾಗದಿಂದ 40 ಅಡಿಗಳ ಅಳತೆ ಮಾಡಿ, ರಸ್ತೆಗೆ ಒತ್ತುವರಿಯಾಗಿದ್ದ ಜಾಗಗಳನ್ನು ತೆರವುಗೊಳಿಸಲಾಗುತ್ತಿದೆ. ಆದರೆ ಪುರಸಭೆಗೆ ಸೇರಿದ ಜಾಗದಲ್ಲಿ ಕಟ್ಟಡ ನಿರ್ಮಿಸಿಕೊಂಡಿರುವವರ ವಿರುದ್ಧ ಕ್ರಮ ಕೈಗೊಂಡಿಲ್ಲ ಎಂದು ಆರೋಪಿಸಿದರು.
ಮಾಡಿದೆ, ಪುರಸಭೆಗೆ ಸೇರಿದ ಜಾಗವನ್ನು ಒತ್ತುವರಿ ಮಾಡಿಕೊಂಡು ಕಾನೂನು ಬಾಹಿರವಾಗಿ ಕಟ್ಟಡ ನಿರ್ಮಾಣ ಮಾಡಿರುವವರ ಮೇಲೆ ಕ್ರಮ ಕೈಗೊಳ್ಳಲು ಮುಖ್ಯಾಧಿಕಾರಿಗಳು ಹಿಂದೇಟು ಹಾಕುತ್ತಿದ್ದಾರೆ. ರಸ್ತೆ ಕಾಮಗಾರಿ ಮಾಡುವಾಗ ಒಂದು ಕಡೆಯಿಂದ ಮಾಡುವುದನ್ನು ಬಿಟ್ಟು ಪುರಸಭೆಯ ಜಾಗದಲ್ಲಿರುವ ಕಟ್ಟಡಗಳನ್ನು ಉಳಿಸಲು ಹುನ್ನಾರ ನಡೆಸಲಾಗುತ್ತಿದೆ. ಈ ಬಗ್ಗೆ ಮೇಲಾಧಿಕಾರಿಗಳಿಗೂ ದೂರು ನೀಡಲಾಗಿದೆ ಎಂದರು. ಪುರಸಭೆಗೆ ಸೇರಿದ ಜಾಗವನ್ನು ಸಂರಕ್ಷಿಸಬೇಕು ಎಂದು ಒತ್ತಾಯಿಸಿದರು.
ಮುಖ್ಯಾಧಿಕಾರಿಗಳಿಗೆ ದಿಗ್ಬಂಧನ ಹಾಕಿದ್ದರು. ಈ ವೇಳೆ ಲೋಕೋಪಯೋಗಿ ಇಲಾಖೆಯ ಎಇಇ ರವೀಂದ್ರ ಸಿಂಗ್ ಅವರಿಗೆ ಕರೆ ಮಾಡಿದ ಮುಖ್ಯಾಧಿಕಾರಿಗಳು ಸ್ಥಳಕ್ಕೆ ಕರೆಸಿಕೊಂಡರು. ರಸ್ತೆ ಕಾಮಗಾರಿಯ ಗುತ್ತಿಗೆದಾರರಿಗೆ ಕರೆ ಮಾಡಿ ಕಾಮಗಾರಿಯನ್ನು ತಾತ್ಕಾಲಿಕವಾಗಿ ಸ್ಥಗಿತಗೊಳಿಸುವಂತೆ ಸೂಚಿಸಿದರು. ರಸ್ತೆ ಕಾಮಗಾರಿ ಸ್ಥಗಿತಗೊಳಿಸುವ ಸಂದರ್ಭದಲ್ಲಿ ಜಾಗವನ್ನು ಸರ್ವೆ ಮಾಡಿ, ಪುರಸಭೆಯ ಆಸ್ತಿಯನ್ನು ಉಳಿಸಿಕೊಳ್ಳುವಂತೆ ಒತ್ತಾಯಿಸಿದರು.
ಏಷ್ಯಾ ಬುಕ್ ಆಫ್ ರೆಕಾರ್ಡ್ಸ್‌ನ ಭಾಗವಾಗಿ ಜಿ. ಶ್ವೇತಾ
ವಿಜಯಪುರ,ಜ.20: ಪಟ್ಟಣದ ದೇವನಹಳ್ಳಿ ರಸ್ತೆಯ ವಾಸಿಯಾದ ಜಿ ಶ್ವೇತ ಸತೀಶ್ ರವರು ಬರೆದಿರುವ ಚಿಕ್ಕ ಪುಸ್ತಕ "ನೋವಿನ ನೆರಳು" ಎಂಬ ಪುಸ್ತಕವು ಏಷ್ಯಾ ಬುಕ್ ಆಫ್ ರೆಕಾರ್ಡ್ಸ್ ಭಾಗವಾಗಿದ್ದು ದಾಖಲೆಯಾಗಿ ಸೇರಿರುತ್ತದೆ. ಜನವರಿ 17ರ ಶನಿವಾರದಂದು ಮುಂಬೈನ ಮರ್ಕೆಂಟ್ ಪಾಟೀಲ್ ಆಡಿಟೋರಿಯಂ ನಲ್ಲಿ ನಡೆದ ಕಾರ್ಯಕ್ರಮದಲ್ಲಿ ಇಂಡಿಯನ್ ವರ್ಲ್ಡ್ ರೆಕಾರ್ಡ್ ಅಸೋಸಿಯೇಶನ್ ಹಾಗೂ ಇಂಡಿಯಾ ಮಿಷನ್ ವತಿಯಿಂದ ಏರ್ಪಡಿಸಿದ್ದ ಏಕಕಾಲದಲ್ಲಿ ನಡೆದ ಭಾರತದ ಲೇಖಕರು ಬರೆದಿರುವ ಒಟ್ಟು 774 ಪುಸ್ತಕಗಳನ್ನು ಬಿಡುಗಡೆ ಮಾಡಿ ವಿಶ್ವದಾಖಲೆ ನಿರ್ಮಿಸಲಾಯಿತು. ಇದು ಏಷ್ಯಾ ಬುಕ್ ಆಫ್ ರೆಕಾರ್ಡ್ಸ್ ಮತ್ತು ಇಂಡಿಯಾ ಬುಕ್ ಆಫ್ ರೆಕಾರ್ಡ್ಸ್ ಎರಡರಲ್ಲೂ ದಾಖಲಾಗಿದ್ದು ನಮ್ಮ ದೇವನಹಳ್ಳಿ ತಾಲ್ಲೂಕಿನ ವಿಜಯಪುರ ಪಟ್ಟಣದ ಜಿ ಶ್ವೇತಾ ಸತೀಶ್ ರವರು ಬರೆದ ಚಿಕ್ಕ ಪುಸ್ತಕ ನೋವಿನ ನೆರಳು ಪುಸ್ತಕವೂ ಸಹ ಭಾಗವಾಗಿರುವುದು ಸಂತಸ ತಂದಿದೆ ಎಂದು ತಿಳಿಸಿರುತ್ತಾರೆ.
ಏಷ್ಯಾ ಬುಕ್ ಆಫ್ ರೆಕಾರ್ಡ್ಸ್ ನ ಭಾಗವಾಗಿ ವಿಜಯಪುರ ಪಟ್ಟಣದ ದೇವನಹಳ್ಳಿ ರಸ್ತೆಯ ಜಿ ಶ್ವೇತಾ ಸತೀಶ್ ರವರು ಬರೆದ ಚಿಕ್ಕ ಪುಸ್ತಕ ನೋವಿನ ನೆರಳು, ಆಗಿದ್ದು ಪ್ರಶಸ್ತಿಯೊಂದಿಗೆ ಜಿ ಶ್ವೇತಾ ಸತೀಶ್ ರವರು
